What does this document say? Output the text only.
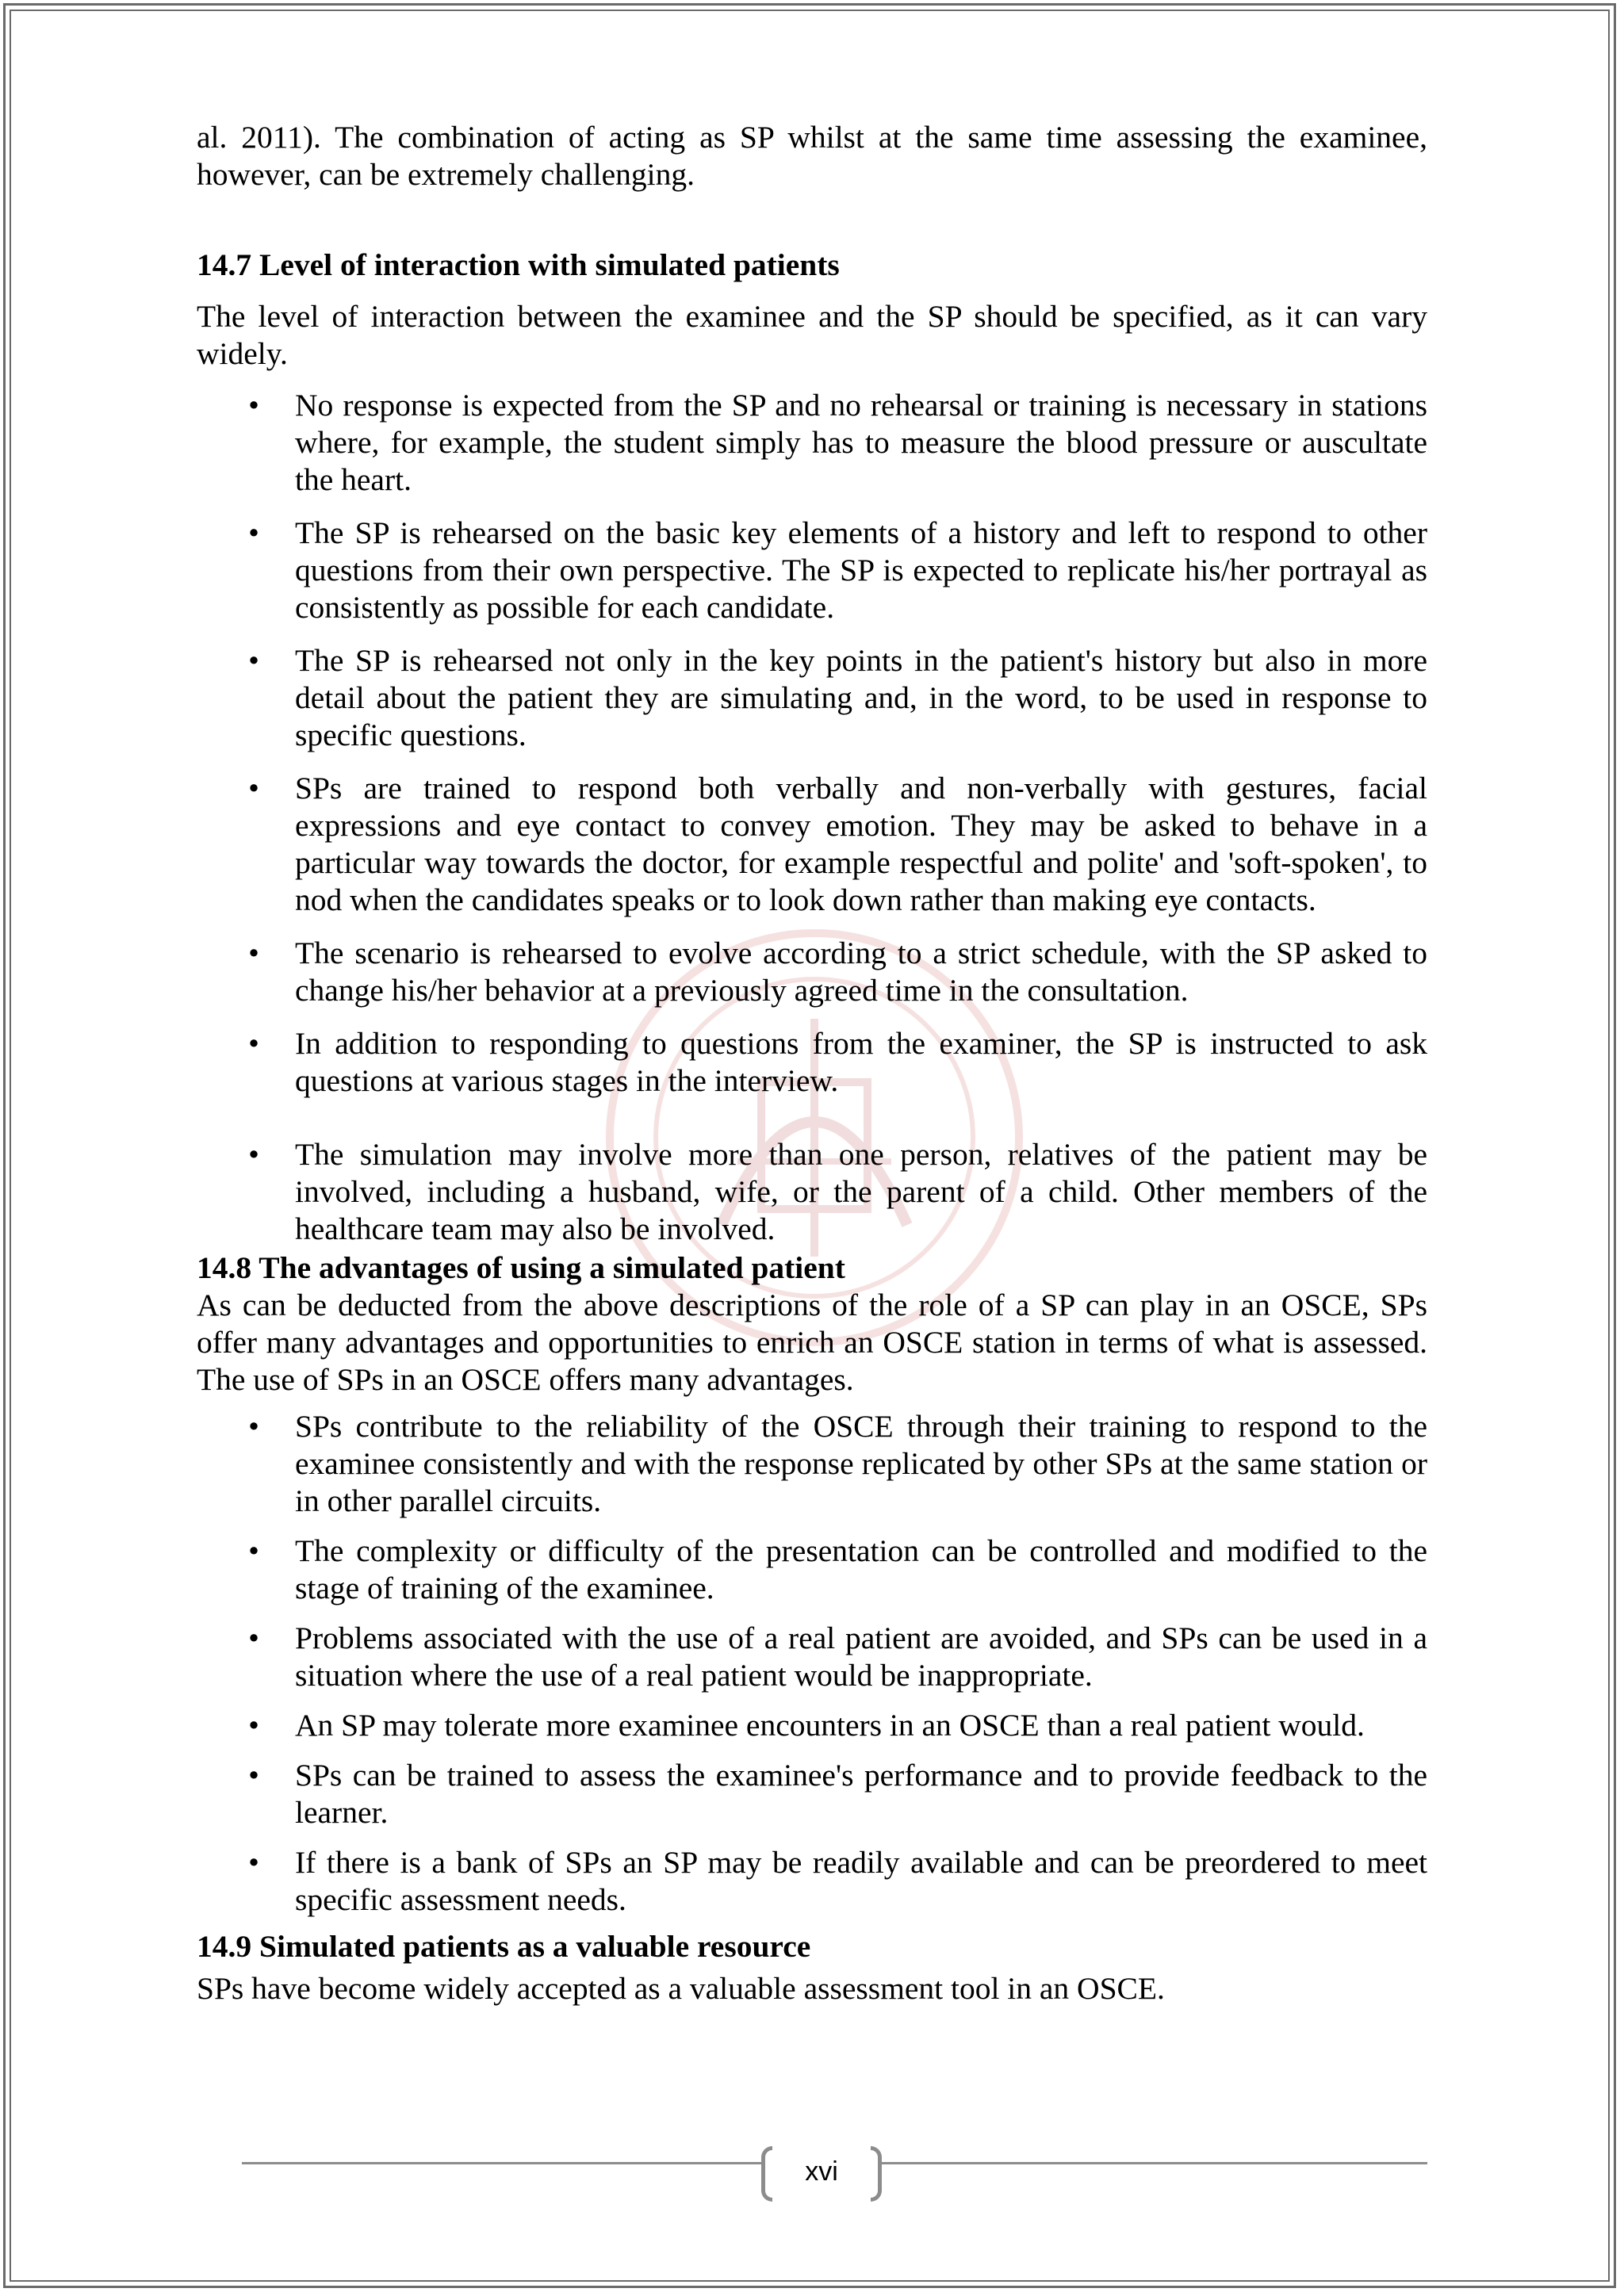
al. 2011). The combination of acting as SP whilst at the same time assessing the examinee, however, can be extremely challenging.

14.7 Level of interaction with simulated patients

The level of interaction between the examinee and the SP should be specified, as it can vary widely.

• No response is expected from the SP and no rehearsal or training is necessary in stations where, for example, the student simply has to measure the blood pressure or auscultate the heart.
• The SP is rehearsed on the basic key elements of a history and left to respond to other questions from their own perspective. The SP is expected to replicate his/her portrayal as consistently as possible for each candidate.
• The SP is rehearsed not only in the key points in the patient's history but also in more detail about the patient they are simulating and, in the word, to be used in response to specific questions.
• SPs are trained to respond both verbally and non-verbally with gestures, facial expressions and eye contact to convey emotion. They may be asked to behave in a particular way towards the doctor, for example respectful and polite' and 'soft-spoken', to nod when the candidates speaks or to look down rather than making eye contacts.
• The scenario is rehearsed to evolve according to a strict schedule, with the SP asked to change his/her behavior at a previously agreed time in the consultation.
• In addition to responding to questions from the examiner, the SP is instructed to ask questions at various stages in the interview.
• The simulation may involve more than one person, relatives of the patient may be involved, including a husband, wife, or the parent of a child. Other members of the healthcare team may also be involved.

14.8 The advantages of using a simulated patient

As can be deducted from the above descriptions of the role of a SP can play in an OSCE, SPs offer many advantages and opportunities to enrich an OSCE station in terms of what is assessed. The use of SPs in an OSCE offers many advantages.

• SPs contribute to the reliability of the OSCE through their training to respond to the examinee consistently and with the response replicated by other SPs at the same station or in other parallel circuits.
• The complexity or difficulty of the presentation can be controlled and modified to the stage of training of the examinee.
• Problems associated with the use of a real patient are avoided, and SPs can be used in a situation where the use of a real patient would be inappropriate.
• An SP may tolerate more examinee encounters in an OSCE than a real patient would.
• SPs can be trained to assess the examinee's performance and to provide feedback to the learner.
• If there is a bank of SPs an SP may be readily available and can be preordered to meet specific assessment needs.

14.9 Simulated patients as a valuable resource

SPs have become widely accepted as a valuable assessment tool in an OSCE.

xvi
